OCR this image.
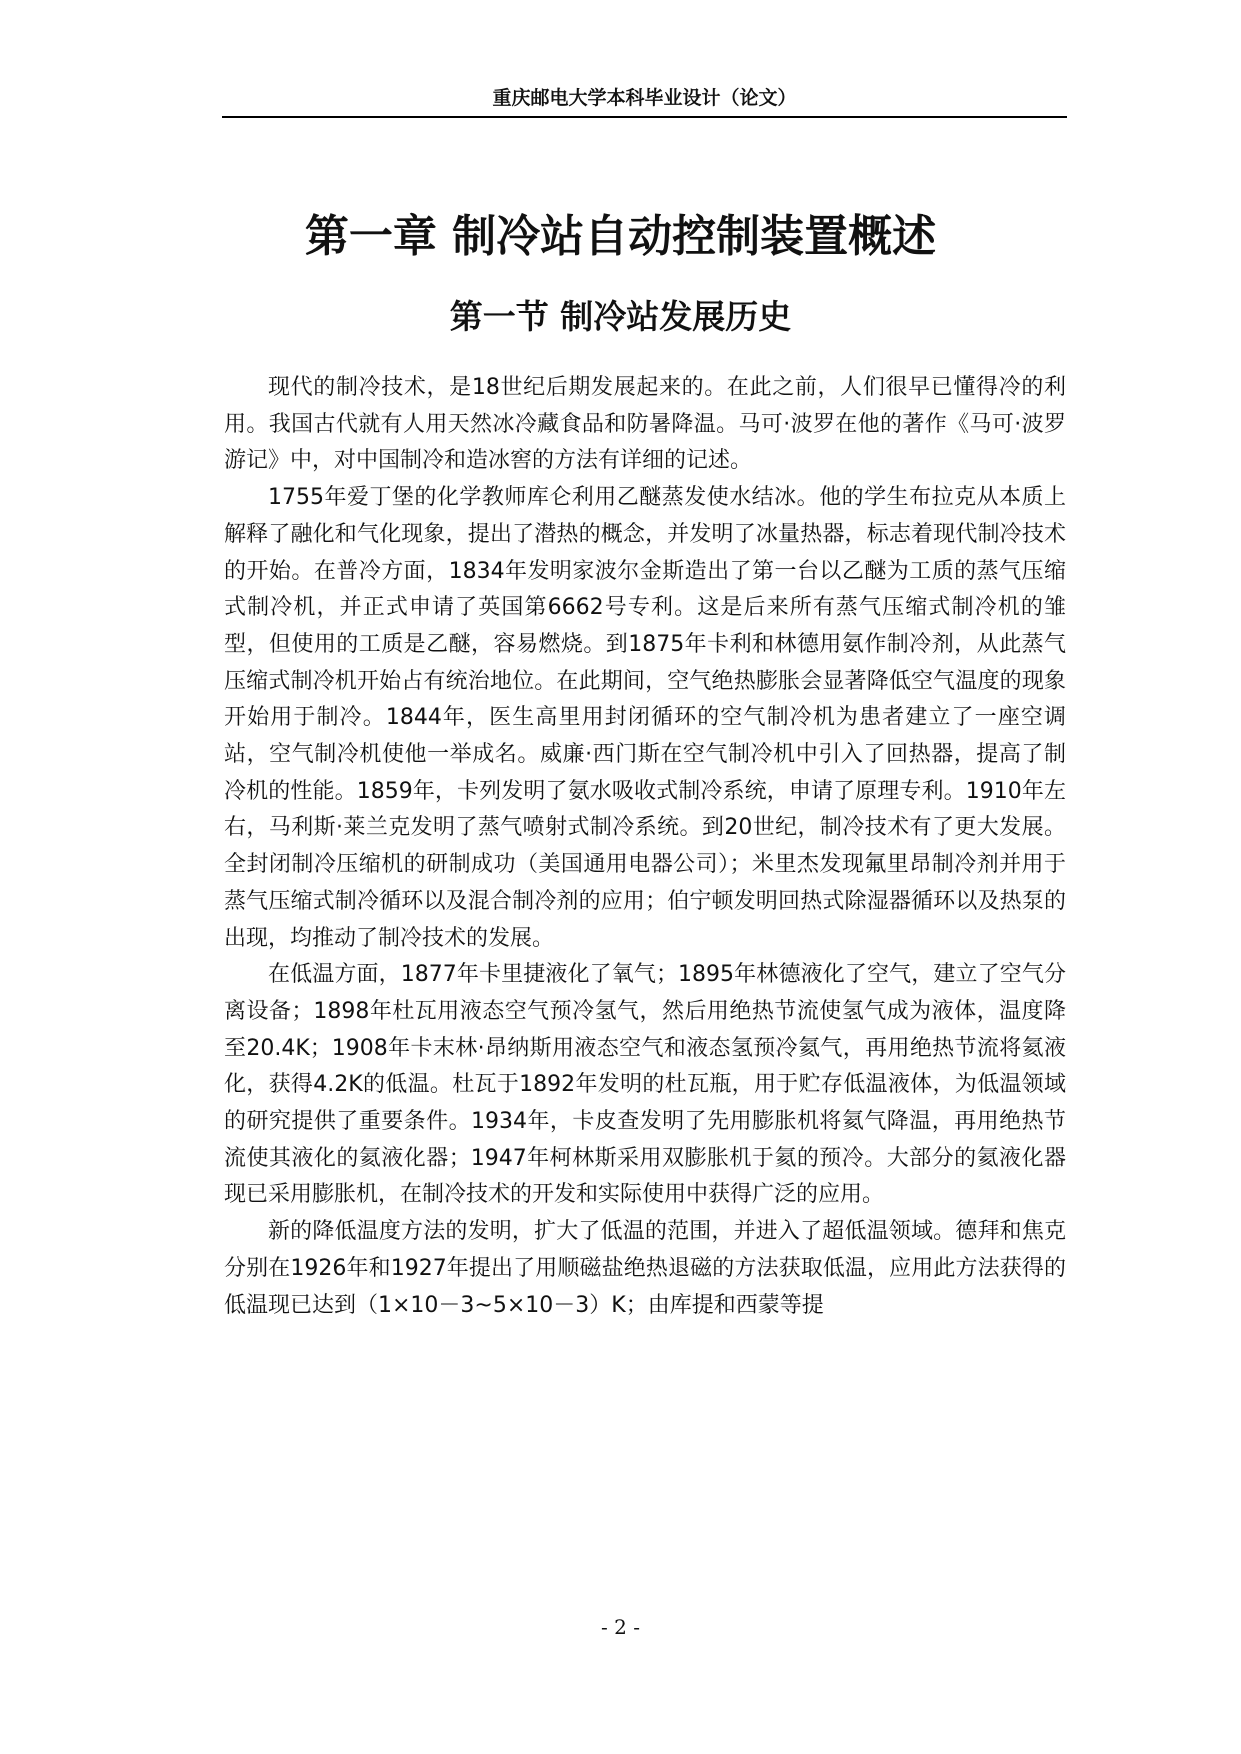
重庆邮电大学本科毕业设计（论文）
第一章 制冷站自动控制装置概述
第一节 制冷站发展历史

现代的制冷技术，是18世纪后期发展起来的。在此之前，人们很早已懂得冷的利用。我国古代就有人用天然冰冷藏食品和防暑降温。马可·波罗在他的著作《马可·波罗游记》中，对中国制冷和造冰窖的方法有详细的记述。

1755年爱丁堡的化学教师库仑利用乙醚蒸发使水结冰。他的学生布拉克从本质上解释了融化和气化现象，提出了潜热的概念，并发明了冰量热器，标志着现代制冷技术的开始。在普冷方面，1834年发明家波尔金斯造出了第一台以乙醚为工质的蒸气压缩式制冷机，并正式申请了英国第6662号专利。这是后来所有蒸气压缩式制冷机的雏型，但使用的工质是乙醚，容易燃烧。到1875年卡利和林德用氨作制冷剂，从此蒸气压缩式制冷机开始占有统治地位。在此期间，空气绝热膨胀会显著降低空气温度的现象开始用于制冷。1844年，医生高里用封闭循环的空气制冷机为患者建立了一座空调站，空气制冷机使他一举成名。威廉·西门斯在空气制冷机中引入了回热器，提高了制冷机的性能。1859年，卡列发明了氨水吸收式制冷系统，申请了原理专利。1910年左右，马利斯·莱兰克发明了蒸气喷射式制冷系统。到20世纪，制冷技术有了更大发展。全封闭制冷压缩机的研制成功（美国通用电器公司）；米里杰发现氟里昂制冷剂并用于蒸气压缩式制冷循环以及混合制冷剂的应用；伯宁顿发明回热式除湿器循环以及热泵的出现，均推动了制冷技术的发展。

在低温方面，1877年卡里捷液化了氧气；1895年林德液化了空气，建立了空气分离设备；1898年杜瓦用液态空气预冷氢气，然后用绝热节流使氢气成为液体，温度降至20.4K；1908年卡末林·昂纳斯用液态空气和液态氢预冷氦气，再用绝热节流将氦液化，获得4.2K的低温。杜瓦于1892年发明的杜瓦瓶，用于贮存低温液体，为低温领域的研究提供了重要条件。1934年，卡皮查发明了先用膨胀机将氦气降温，再用绝热节流使其液化的氦液化器；1947年柯林斯采用双膨胀机于氦的预冷。大部分的氦液化器现已采用膨胀机，在制冷技术的开发和实际使用中获得广泛的应用。

新的降低温度方法的发明，扩大了低温的范围，并进入了超低温领域。德拜和焦克分别在1926年和1927年提出了用顺磁盐绝热退磁的方法获取低温，应用此方法获得的低温现已达到（1×10－3~5×10－3）K；由库提和西蒙等提

- 2 -
